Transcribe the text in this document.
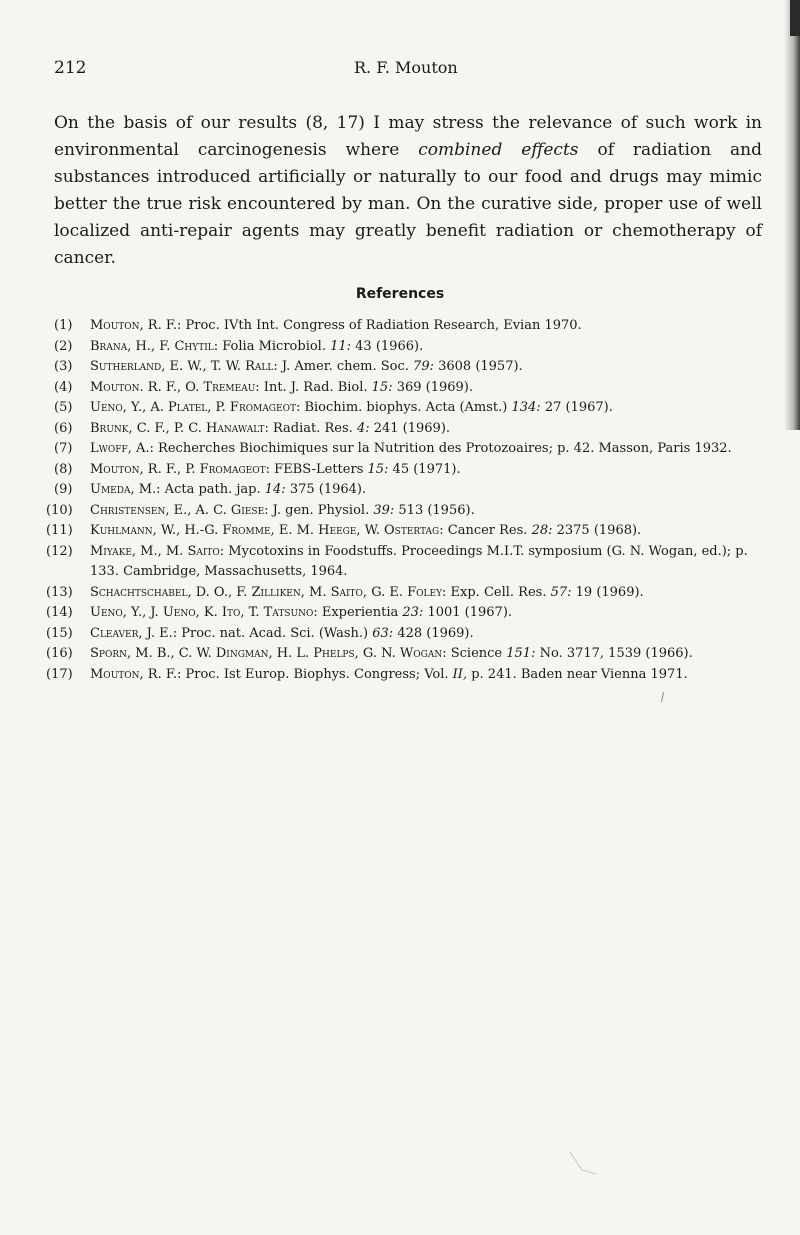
212	R. F. Mouton

On the basis of our results (8, 17) I may stress the relevance of such work in environmental carcinogenesis where combined effects of radiation and substances introduced artificially or naturally to our food and drugs may mimic better the true risk encountered by man. On the curative side, proper use of well localized anti-repair agents may greatly benefit radiation or chemotherapy of cancer.

References
(1)	Mouton, R. F.: Proc. IVth Int. Congress of Radiation Research, Evian 1970.
(2)	Brana, H., F. Chytil: Folia Microbiol. 11: 43 (1966).
(3)	Sutherland, E. W., T. W. Rall: J. Amer. chem. Soc. 79: 3608 (1957).
(4)	Mouton. R. F., O. Tremeau: Int. J. Rad. Biol. 15: 369 (1969).
(5)	Ueno, Y., A. Platel, P. Fromageot: Biochim. biophys. Acta (Amst.) 134: 27 (1967).
(6)	Brunk, C. F., P. C. Hanawalt: Radiat. Res. 4: 241 (1969).
(7)	Lwoff, A.: Recherches Biochimiques sur la Nutrition des Protozoaires; p. 42. Masson, Paris 1932.
(8)	Mouton, R. F., P. Fromageot: FEBS-Letters 15: 45 (1971).
(9)	Umeda, M.: Acta path. jap. 14: 375 (1964).
(10)	Christensen, E., A. C. Giese: J. gen. Physiol. 39: 513 (1956).
(11)	Kuhlmann, W., H.-G. Fromme, E. M. Heege, W. Ostertag: Cancer Res. 28: 2375 (1968).
(12)	Miyake, M., M. Saito: Mycotoxins in Foodstuffs. Proceedings M.I.T. symposium (G. N. Wogan, ed.); p. 133. Cambridge, Massachusetts, 1964.
(13)	Schachtschabel, D. O., F. Zilliken, M. Saito, G. E. Foley: Exp. Cell. Res. 57: 19 (1969).
(14)	Ueno, Y., J. Ueno, K. Ito, T. Tatsuno: Experientia 23: 1001 (1967).
(15)	Cleaver, J. E.: Proc. nat. Acad. Sci. (Wash.) 63: 428 (1969).
(16)	Sporn, M. B., C. W. Dingman, H. L. Phelps, G. N. Wogan: Science 151: No. 3717, 1539 (1966).
(17)	Mouton, R. F.: Proc. Ist Europ. Biophys. Congress; Vol. II, p. 241. Baden near Vienna 1971.
